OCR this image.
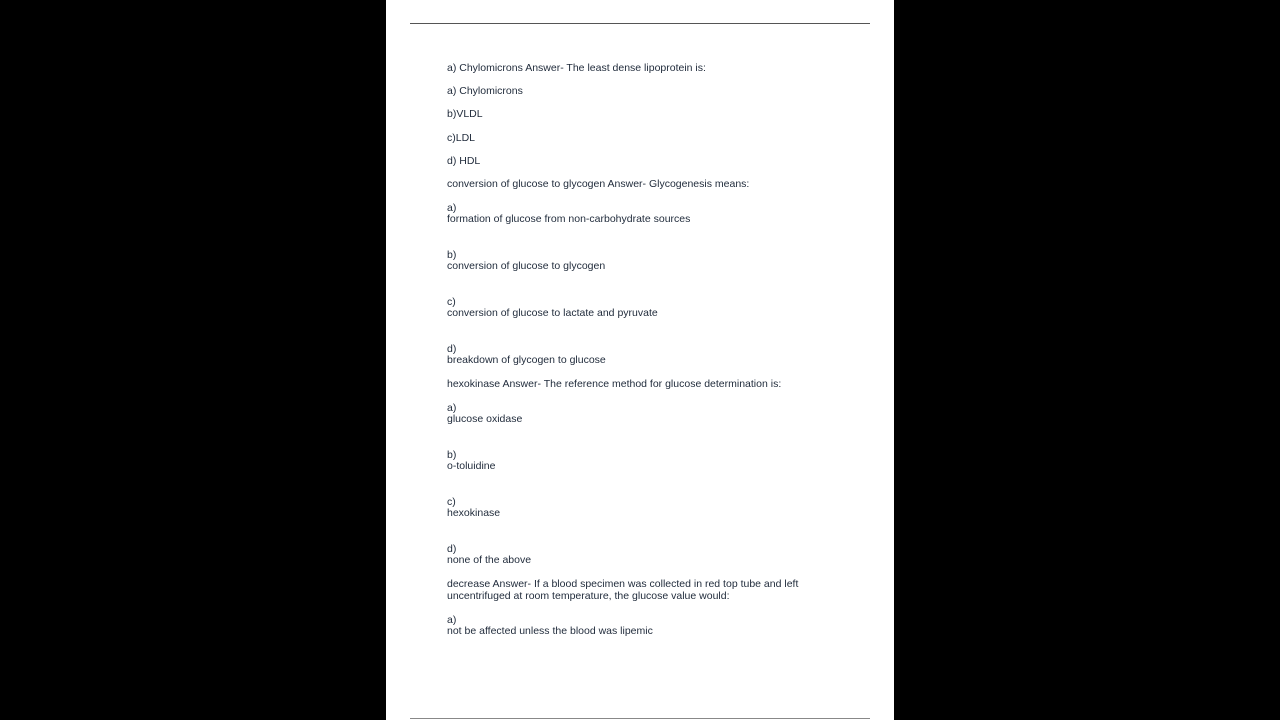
a) Chylomicrons Answer- The least dense lipoprotein is:
a) Chylomicrons
b)VLDL
c)LDL
d) HDL
conversion of glucose to glycogen Answer- Glycogenesis means:
a)
formation of glucose from non-carbohydrate sources
b)
conversion of glucose to glycogen
c)
conversion of glucose to lactate and pyruvate
d)
breakdown of glycogen to glucose
hexokinase Answer- The reference method for glucose determination is:
a)
glucose oxidase
b)
o-toluidine
c)
hexokinase
d)
none of the above
decrease Answer- If a blood specimen was collected in red top tube and left
uncentrifuged at room temperature, the glucose value would:
a)
not be affected unless the blood was lipemic
